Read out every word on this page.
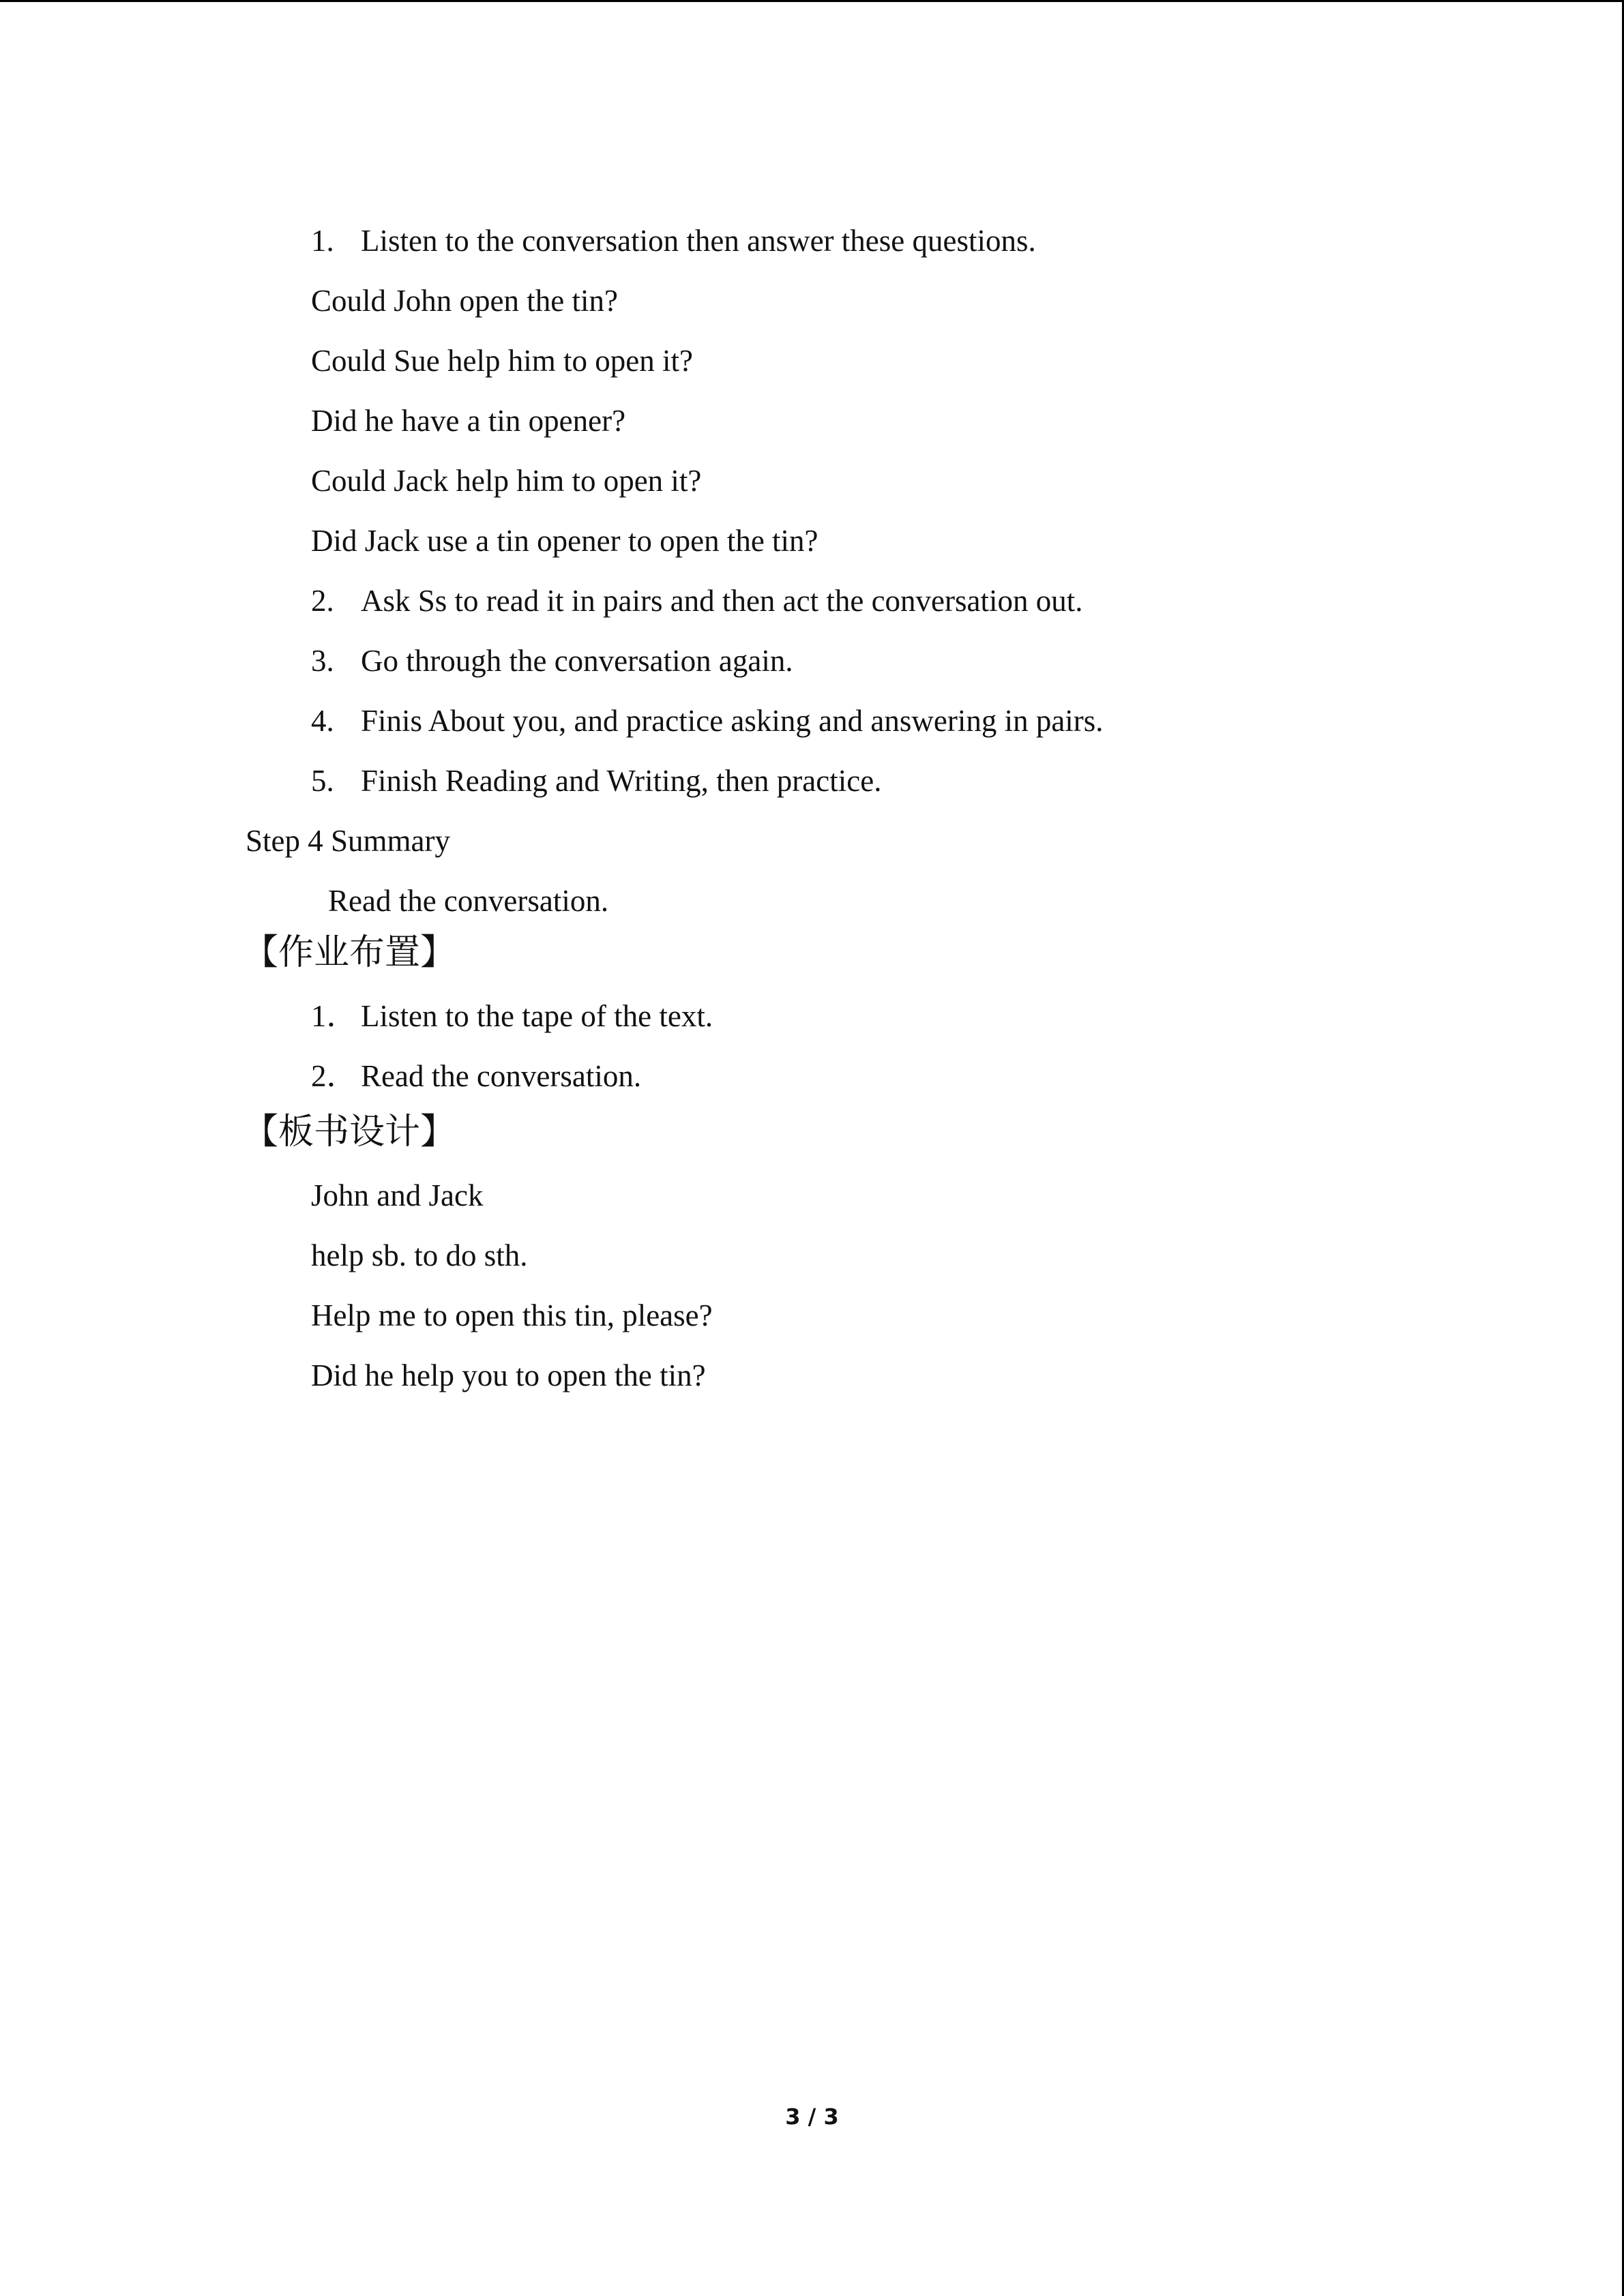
1. Listen to the conversation then answer these questions.
Could John open the tin?
Could Sue help him to open it?
Did he have a tin opener?
Could Jack help him to open it?
Did Jack use a tin opener to open the tin?
2. Ask Ss to read it in pairs and then act the conversation out.
3. Go through the conversation again.
4. Finis About you, and practice asking and answering in pairs.
5. Finish Reading and Writing, then practice.
Step 4 Summary
Read the conversation.
【作业布置】
1． Listen to the tape of the text.
2． Read the conversation.
【板书设计】
John and Jack
help sb. to do sth.
Help me to open this tin, please?
Did he help you to open the tin?
3 / 3
